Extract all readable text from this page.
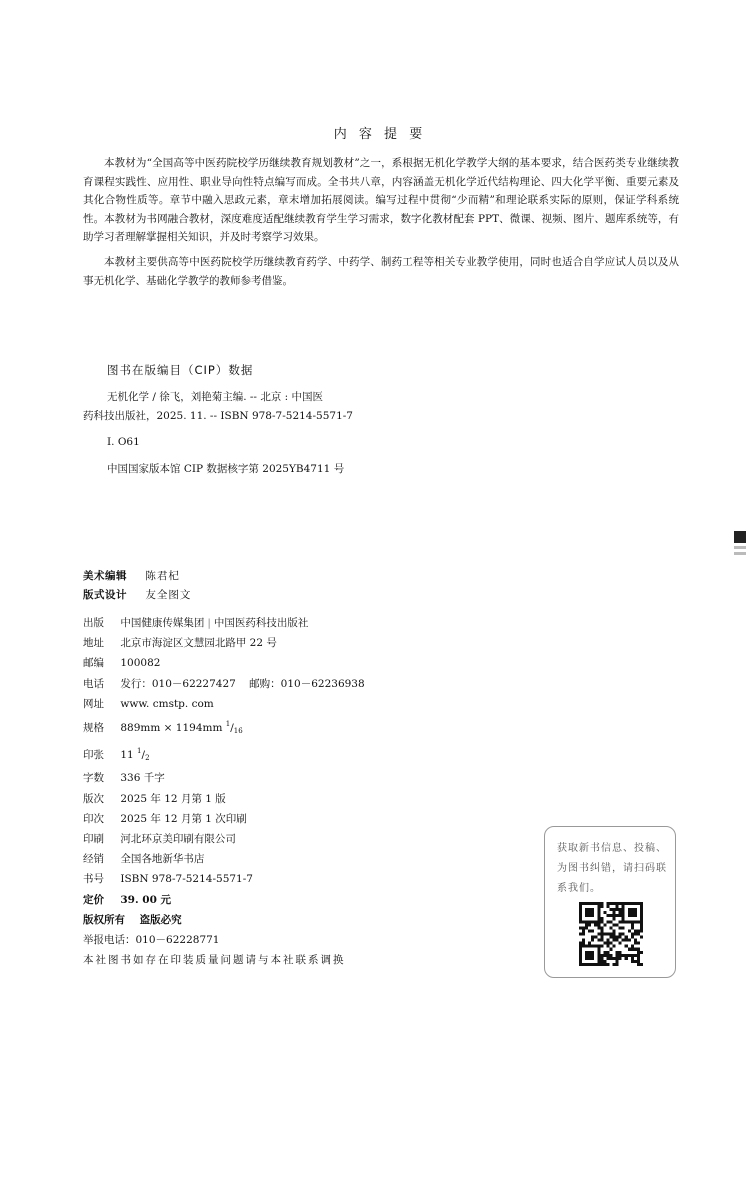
内 容 提 要
本教材为“全国高等中医药院校学历继续教育规划教材”之一，系根据无机化学教学大纲的基本要求，结合医药类专业继续教育课程实践性、应用性、职业导向性特点编写而成。全书共八章，内容涵盖无机化学近代结构理论、四大化学平衡、重要元素及其化合物性质等。章节中融入思政元素，章末增加拓展阅读。编写过程中贯彻“少而精”和理论联系实际的原则，保证学科系统性。本教材为书网融合教材，深度难度适配继续教育学生学习需求，数字化教材配套 PPT、微课、视频、图片、题库系统等，有助学习者理解掌握相关知识，并及时考察学习效果。
本教材主要供高等中医药院校学历继续教育药学、中药学、制药工程等相关专业教学使用，同时也适合自学应试人员以及从事无机化学、基础化学教学的教师参考借鉴。
图书在版编目（CIP）数据
无机化学 / 徐飞，刘艳菊主编. -- 北京 : 中国医
药科技出版社，2025. 11. -- ISBN 978-7-5214-5571-7
Ⅰ. O61
中国国家版本馆 CIP 数据核字第 2025YB4711 号
美术编辑 陈君杞
版式设计 友全图文
出版 中国健康传媒集团 | 中国医药科技出版社
地址 北京市海淀区文慧园北路甲 22 号
邮编 100082
电话 发行：010－62227427    邮购：010－62236938
网址 www. cmstp. com
规格 889mm × 1194mm $^1/_{16}$
印张 11 $^1/_2$
字数 336 千字
版次 2025 年 12 月第 1 版
印次 2025 年 12 月第 1 次印刷
印刷 河北环京美印刷有限公司
经销 全国各地新华书店
书号 ISBN 978-7-5214-5571-7
定价 39. 00 元
版权所有    盗版必究
举报电话：010－62228771
本社图书如存在印装质量问题请与本社联系调换
获取新书信息、投稿、为图书纠错，请扫码联系我们。
